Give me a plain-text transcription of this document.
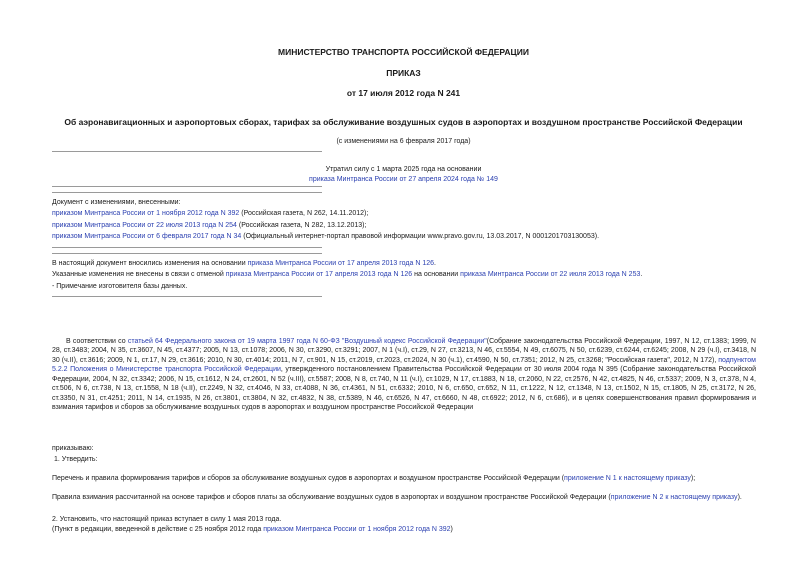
МИНИСТЕРСТВО ТРАНСПОРТА РОССИЙСКОЙ ФЕДЕРАЦИИ
ПРИКАЗ
от 17 июля 2012 года N 241
Об аэронавигационных и аэропортовых сборах, тарифах за обслуживание воздушных судов в аэропортах и воздушном пространстве Российской Федерации
(с изменениями на 6 февраля 2017 года)
Утратил силу с 1 марта 2025 года на основании
приказа Минтранса России от 27 апреля 2024 года № 149
Документ с изменениями, внесенными:
приказом Минтранса России от 1 ноября 2012 года N 392 (Российская газета, N 262, 14.11.2012);
приказом Минтранса России от 22 июля 2013 года N 254 (Российская газета, N 282, 13.12.2013);
приказом Минтранса России от 6 февраля 2017 года N 34 (Официальный интернет-портал правовой информации www.pravo.gov.ru, 13.03.2017, N 0001201703130053).
В настоящий документ вносились изменения на основании приказа Минтранса России от 17 апреля 2013 года N 126.
Указанные изменения не внесены в связи с отменой приказа Минтранса России от 17 апреля 2013 года N 126 на основании приказа Минтранса России от 22 июля 2013 года N 253.
- Примечание изготовителя базы данных.
В соответствии со статьей 64 Федерального закона от 19 марта 1997 года N 60-ФЗ "Воздушный кодекс Российской Федерации"(Собрание законодательства Российской Федерации, 1997, N 12, ст.1383; 1999, N 28, ст.3483; 2004, N 35, ст.3607, N 45, ст.4377; 2005, N 13, ст.1078; 2006, N 30, ст.3290, ст.3291; 2007, N 1 (ч.I), ст.29, N 27, ст.3213, N 46, ст.5554, N 49, ст.6075, N 50, ст.6239, ст.6244, ст.6245; 2008, N 29 (ч.I), ст.3418, N 30 (ч.II), ст.3616; 2009, N 1, ст.17, N 29, ст.3616; 2010, N 30, ст.4014; 2011, N 7, ст.901, N 15, ст.2019, ст.2023, ст.2024, N 30 (ч.1), ст.4590, N 50, ст.7351; 2012, N 25, ст.3268; "Российская газета", 2012, N 172), подпунктом 5.2.2 Положения о Министерстве транспорта Российской Федерации, утвержденного постановлением Правительства Российской Федерации от 30 июля 2004 года N 395 (Собрание законодательства Российской Федерации, 2004, N 32, ст.3342; 2006, N 15, ст.1612, N 24, ст.2601, N 52 (ч.III), ст.5587; 2008, N 8, ст.740, N 11 (ч.I), ст.1029, N 17, ст.1883, N 18, ст.2060, N 22, ст.2576, N 42, ст.4825, N 46, ст.5337; 2009, N 3, ст.378, N 4, ст.506, N 6, ст.738, N 13, ст.1558, N 18 (ч.II), ст.2249, N 32, ст.4046, N 33, ст.4088, N 36, ст.4361, N 51, ст.6332; 2010, N 6, ст.650, ст.652, N 11, ст.1222, N 12, ст.1348, N 13, ст.1502, N 15, ст.1805, N 25, ст.3172, N 26, ст.3350, N 31, ст.4251; 2011, N 14, ст.1935, N 26, ст.3801, ст.3804, N 32, ст.4832, N 38, ст.5389, N 46, ст.6526, N 47, ст.6660, N 48, ст.6922; 2012, N 6, ст.686), и в целях совершенствования правил формирования и взимания тарифов и сборов за обслуживание воздушных судов в аэропортах и воздушном пространстве Российской Федерации
приказываю:
1. Утвердить:
Перечень и правила формирования тарифов и сборов за обслуживание воздушных судов в аэропортах и воздушном пространстве Российской Федерации (приложение N 1 к настоящему приказу);
Правила взимания рассчитанной на основе тарифов и сборов платы за обслуживание воздушных судов в аэропортах и воздушном пространстве Российской Федерации (приложение N 2 к настоящему приказу).
2. Установить, что настоящий приказ вступает в силу 1 мая 2013 года.
(Пункт в редакции, введенной в действие с 25 ноября 2012 года приказом Минтранса России от 1 ноября 2012 года N 392)
